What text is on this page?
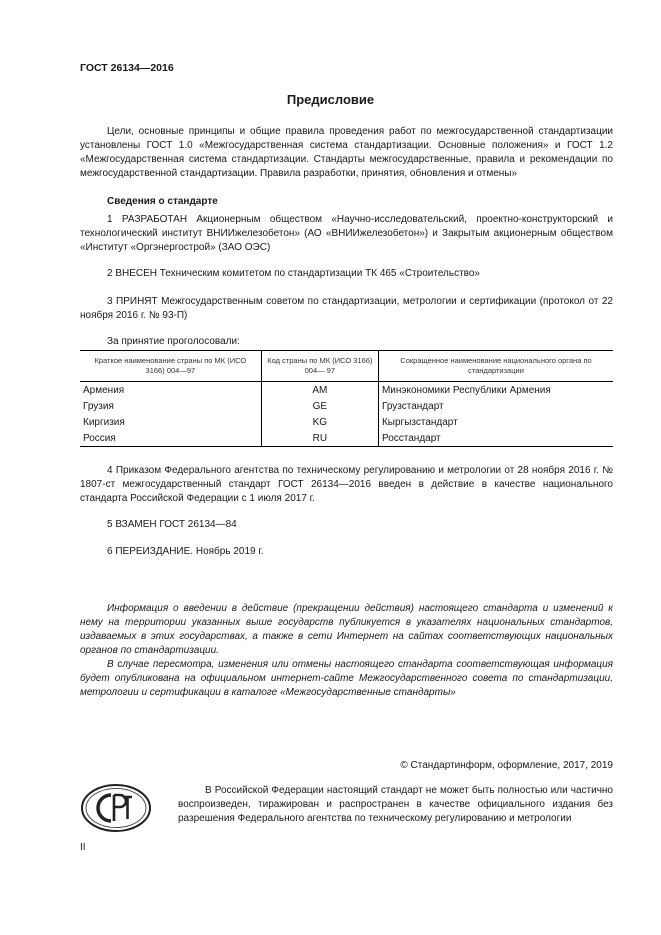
ГОСТ 26134—2016
Предисловие

Цели, основные принципы и общие правила проведения работ по межгосударственной стандартизации установлены ГОСТ 1.0 «Межгосударственная система стандартизации. Основные положения» и ГОСТ 1.2 «Межгосударственная система стандартизации. Стандарты межгосударственные, правила и рекомендации по межгосударственной стандартизации. Правила разработки, принятия, обновления и отмены»

Сведения о стандарте

1 РАЗРАБОТАН Акционерным обществом «Научно-исследовательский, проектно-конструкторский и технологический институт ВНИИжелезобетон» (АО «ВНИИжелезобетон») и Закрытым акционерным обществом «Институт «Оргэнергострой» (ЗАО ОЭС)

2 ВНЕСЕН Техническим комитетом по стандартизации ТК 465 «Строительство»

3 ПРИНЯТ Межгосударственным советом по стандартизации, метрологии и сертификации (протокол от 22 ноября 2016 г. № 93-П)

За принятие проголосовали:
Краткое наименование страны по МК (ИСО 3166) 004—97	Код страны по МК (ИСО 3166) 004— 97	Сокращенное наименование национального органа по стандартизации
Армения	AM	Минэкономики Республики Армения
Грузия	GE	Грузстандарт
Киргизия	KG	Кыргызстандарт
Россия	RU	Росстандарт

4 Приказом Федерального агентства по техническому регулированию и метрологии от 28 ноября 2016 г. № 1807-ст межгосударственный стандарт ГОСТ 26134—2016 введен в действие в качестве национального стандарта Российской Федерации с 1 июля 2017 г.

5 ВЗАМЕН ГОСТ 26134—84
6 ПЕРЕИЗДАНИЕ. Ноябрь 2019 г.

Информация о введении в действие (прекращении действия) настоящего стандарта и изменений к нему на территории указанных выше государств публикуется в указателях национальных стандартов, издаваемых в этих государствах, а также в сети Интернет на сайтах соответствующих национальных органов по стандартизации.

В случае пересмотра, изменения или отмены настоящего стандарта соответствующая информация будет опубликована на официальном интернет-сайте Межгосударственного совета по стандартизации, метрологии и сертификации в каталоге «Межгосударственные стандарты»

© Стандартинформ, оформление, 2017, 2019

В Российской Федерации настоящий стандарт не может быть полностью или частично воспроизведен, тиражирован и распространен в качестве официального издания без разрешения Федерального агентства по техническому регулированию и метрологии

II
